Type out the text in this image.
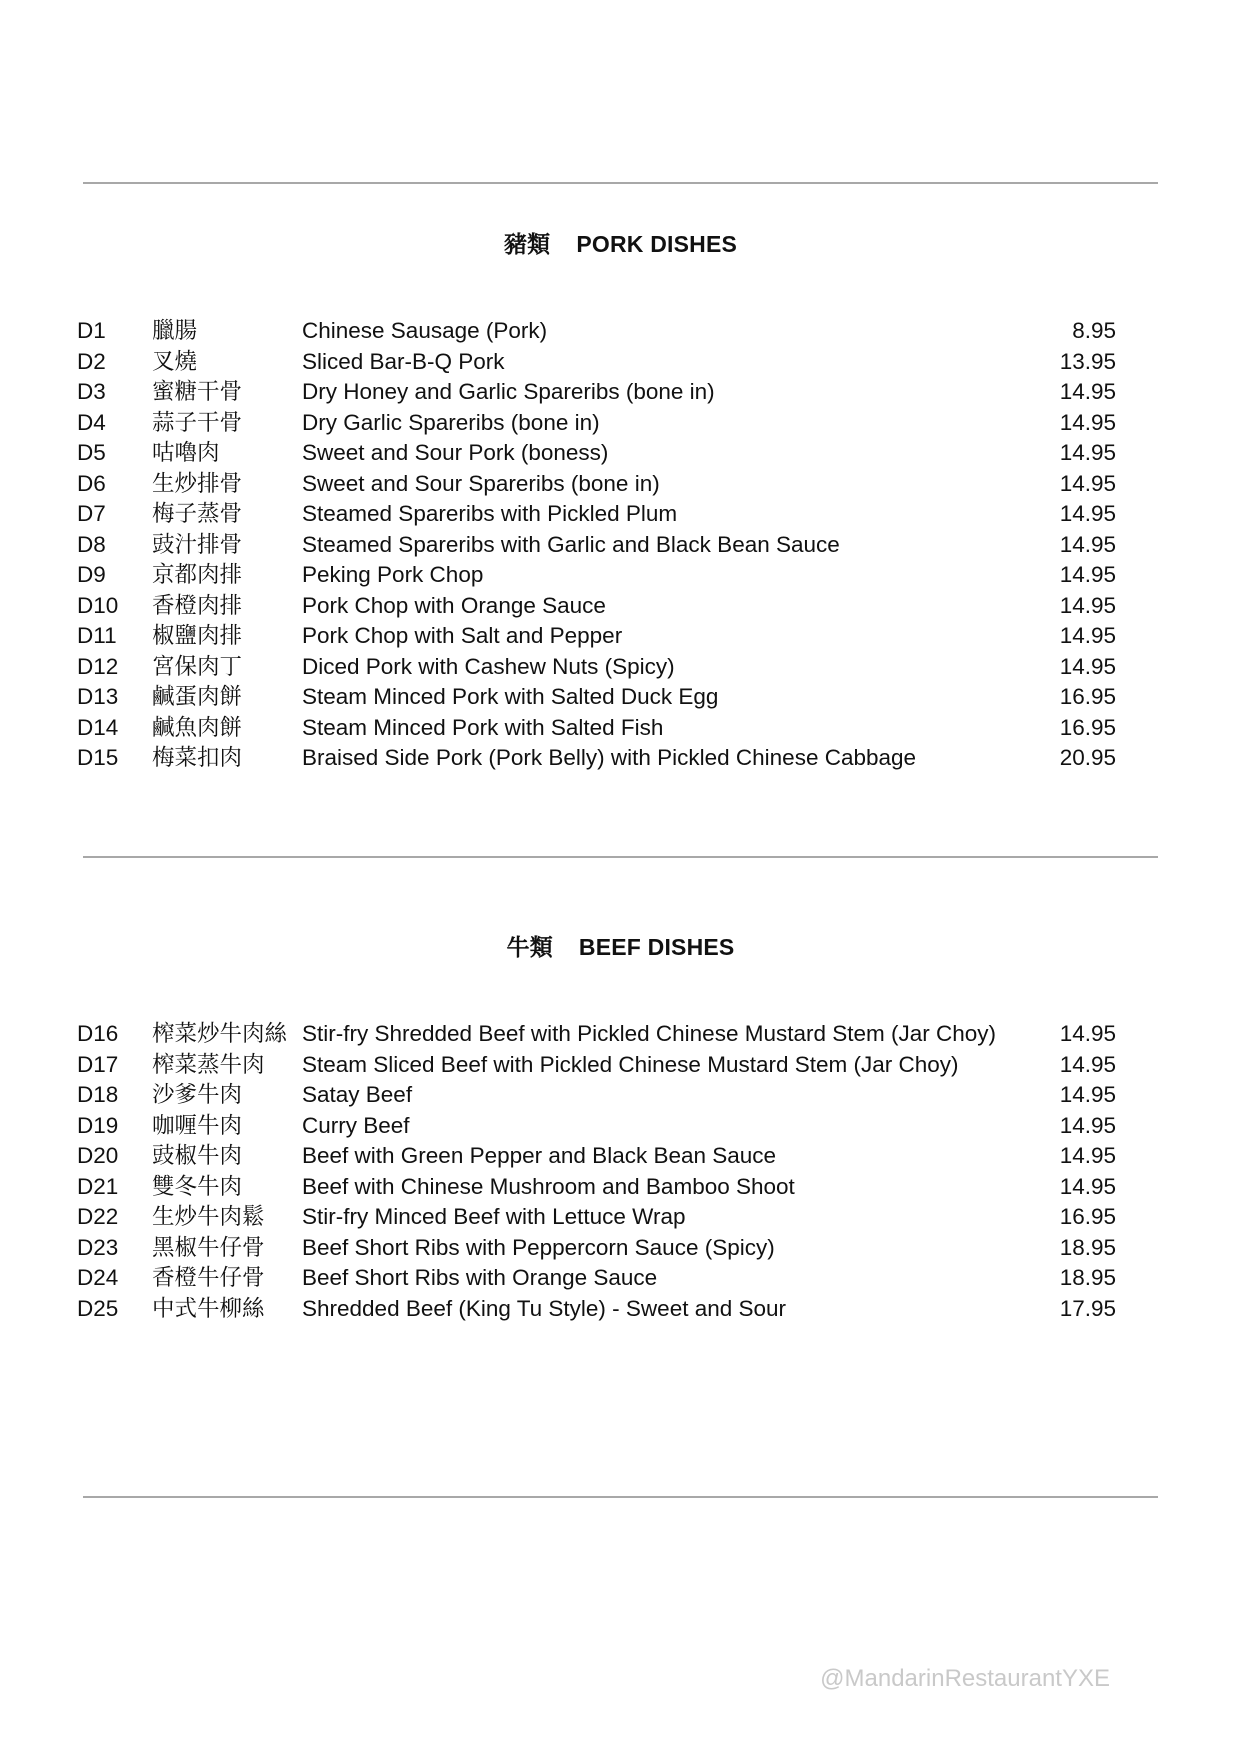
豬類 PORK DISHES
D1 臘腸	Chinese Sausage (Pork)	8.95
D2 叉燒	Sliced Bar-B-Q Pork	13.95
D3 蜜糖干骨	Dry Honey and Garlic Spareribs (bone in)	14.95
D4 蒜子干骨	Dry Garlic Spareribs (bone in)	14.95
D5 咕嚕肉	Sweet and Sour Pork (boness)	14.95
D6 生炒排骨	Sweet and Sour Spareribs (bone in)	14.95
D7 梅子蒸骨	Steamed Spareribs with Pickled Plum	14.95
D8 豉汁排骨	Steamed Spareribs with Garlic and Black Bean Sauce	14.95
D9 京都肉排	Peking Pork Chop	14.95
D10 香橙肉排	Pork Chop with Orange Sauce	14.95
D11 椒鹽肉排	Pork Chop with Salt and Pepper	14.95
D12 宮保肉丁	Diced Pork with Cashew Nuts (Spicy)	14.95
D13 鹹蛋肉餅	Steam Minced Pork with Salted Duck Egg	16.95
D14 鹹魚肉餅	Steam Minced Pork with Salted Fish	16.95
D15 梅菜扣肉	Braised Side Pork (Pork Belly) with Pickled Chinese Cabbage	20.95
牛類 BEEF DISHES
D16 榨菜炒牛肉絲 Stir-fry Shredded Beef with Pickled Chinese Mustard Stem (Jar Choy)	14.95
D17 榨菜蒸牛肉 Steam Sliced Beef with Pickled Chinese Mustard Stem (Jar Choy)	14.95
D18 沙爹牛肉	Satay Beef	14.95
D19 咖喱牛肉	Curry Beef	14.95
D20 豉椒牛肉	Beef with Green Pepper and Black Bean Sauce	14.95
D21 雙冬牛肉	Beef with Chinese Mushroom and Bamboo Shoot	14.95
D22 生炒牛肉鬆 Stir-fry Minced Beef with Lettuce Wrap	16.95
D23 黑椒牛仔骨 Beef Short Ribs with Peppercorn Sauce (Spicy)	18.95
D24 香橙牛仔骨 Beef Short Ribs with Orange Sauce	18.95
D25 中式牛柳絲 Shredded Beef (King Tu Style) - Sweet and Sour	17.95
@MandarinRestaurantYXE
